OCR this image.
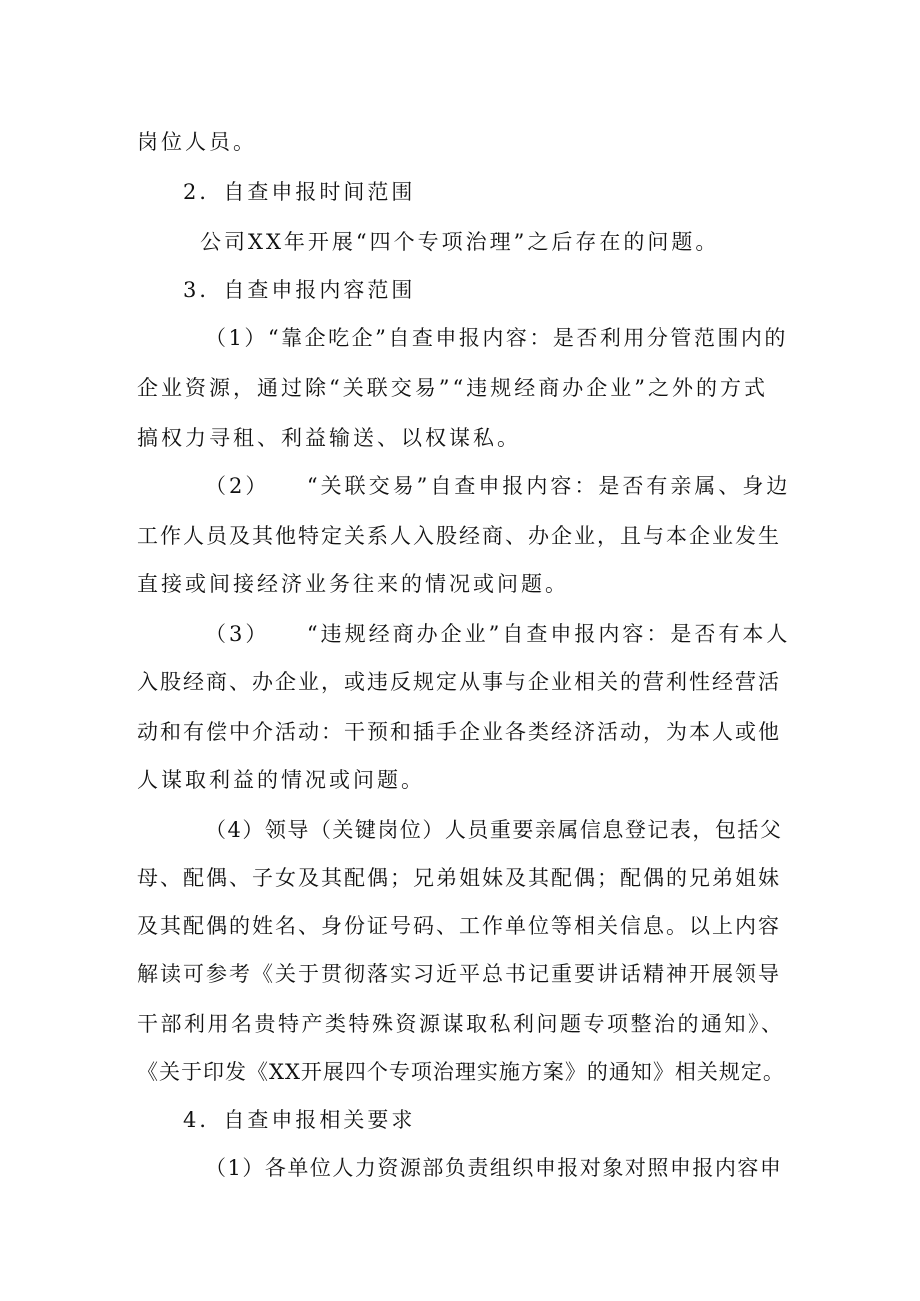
岗位人员。
2．自查申报时间范围
公司XX年开展“四个专项治理”之后存在的问题。
3．自查申报内容范围
（1）“靠企吃企”自查申报内容：是否利用分管范围内的
企业资源，通过除“关联交易”“违规经商办企业”之外的方式
搞权力寻租、利益输送、以权谋私。
（2）　　“关联交易”自查申报内容：是否有亲属、身边
工作人员及其他特定关系人入股经商、办企业，且与本企业发生
直接或间接经济业务往来的情况或问题。
（3）　　“违规经商办企业”自查申报内容：是否有本人
入股经商、办企业，或违反规定从事与企业相关的营利性经营活
动和有偿中介活动：干预和插手企业各类经济活动，为本人或他
人谋取利益的情况或问题。
（4）领导（关键岗位）人员重要亲属信息登记表，包括父
母、配偶、子女及其配偶；兄弟姐妹及其配偶；配偶的兄弟姐妹
及其配偶的姓名、身份证号码、工作单位等相关信息。以上内容
解读可参考《关于贯彻落实习近平总书记重要讲话精神开展领导
干部利用名贵特产类特殊资源谋取私利问题专项整治的通知》、
《关于印发《XX开展四个专项治理实施方案》的通知》相关规定。
4．自查申报相关要求
（1）各单位人力资源部负责组织申报对象对照申报内容申
